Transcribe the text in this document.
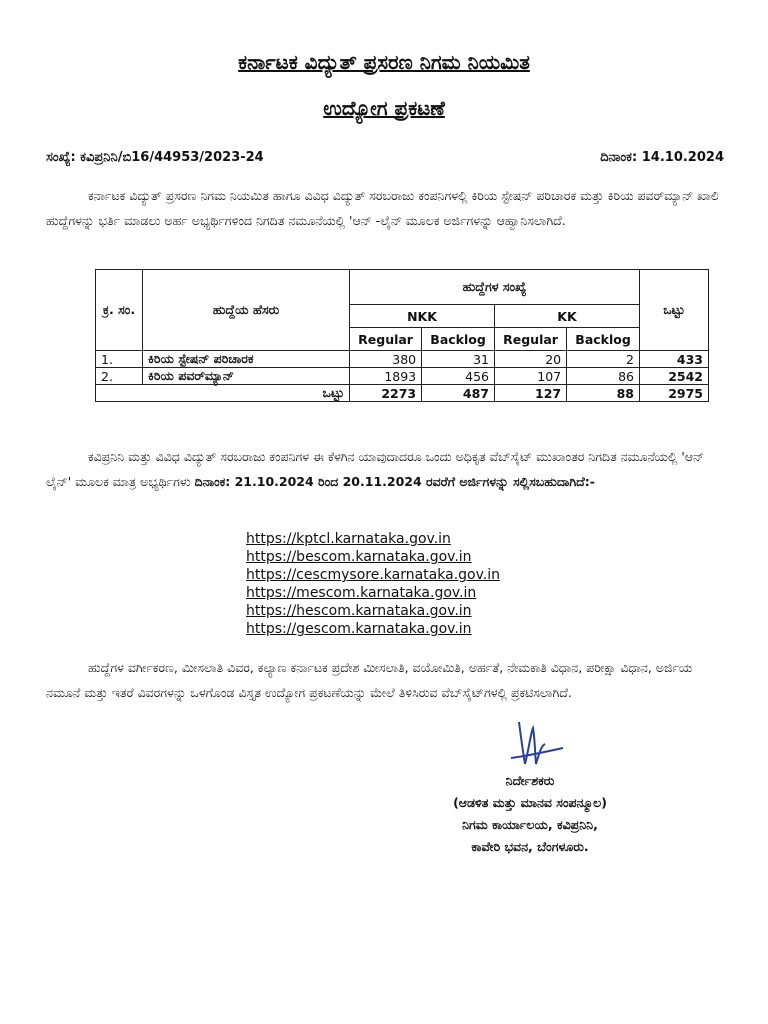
ಕರ್ನಾಟಕ ವಿದ್ಯುತ್ ಪ್ರಸರಣ ನಿಗಮ ನಿಯಮಿತ
ಉದ್ಯೋಗ ಪ್ರಕಟಣೆ
ಸಂಖ್ಯೆ: ಕವಿಪ್ರನಿನಿ/ಬಿ16/44953/2023-24	ದಿನಾಂಕ: 14.10.2024
ಕರ್ನಾಟಕ ವಿದ್ಯುತ್ ಪ್ರಸರಣ ನಿಗಮ ನಿಯಮಿತ ಹಾಗೂ ವಿವಿಧ ವಿದ್ಯುತ್ ಸರಬರಾಜು ಕಂಪನಿಗಳಲ್ಲಿ ಕಿರಿಯ ಸ್ಟೇಷನ್ ಪರಿಚಾರಕ ಮತ್ತು ಕಿರಿಯ ಪವರ್‌ಮ್ಯಾನ್ ಖಾಲಿ ಹುದ್ದೆಗಳನ್ನು ಭರ್ತಿ ಮಾಡಲು ಅರ್ಹ ಅಭ್ಯರ್ಥಿಗಳಿಂದ ನಿಗದಿತ ನಮೂನೆಯಲ್ಲಿ 'ಆನ್ -ಲೈನ್ ಮೂಲಕ ಅರ್ಜಿಗಳನ್ನು ಆಹ್ವಾನಿಸಲಾಗಿದೆ.
ಕ್ರ. ಸಂ.	ಹುದ್ದೆಯ ಹೆಸರು	ಹುದ್ದೆಗಳ ಸಂಖ್ಯೆ				ಒಟ್ಟು
		NKK		KK		
		Regular	Backlog	Regular	Backlog	
1.	ಕಿರಿಯ ಸ್ಟೇಷನ್ ಪರಿಚಾರಕ	380	31	20	2	433
2.	ಕಿರಿಯ ಪವರ್‌ಮ್ಯಾನ್	1893	456	107	86	2542
	ಒಟ್ಟು	2273	487	127	88	2975
ಕವಿಪ್ರನಿನಿ ಮತ್ತು ವಿವಿಧ ವಿದ್ಯುತ್ ಸರಬರಾಜು ಕಂಪನಿಗಳ ಈ ಕೆಳಗಿನ ಯಾವುದಾದರೂ ಒಂದು ಅಧಿಕೃತ ವೆಬ್‌ಸೈಟ್ ಮುಖಾಂತರ ನಿಗದಿತ ನಮೂನೆಯಲ್ಲಿ 'ಆನ್ ಲೈನ್' ಮೂಲಕ ಮಾತ್ರ ಅಭ್ಯರ್ಥಿಗಳು ದಿನಾಂಕ: 21.10.2024 ರಿಂದ 20.11.2024 ರವರೆಗೆ ಅರ್ಜಿಗಳನ್ನು ಸಲ್ಲಿಸಬಹುದಾಗಿದೆ:-
https://kptcl.karnataka.gov.in
https://bescom.karnataka.gov.in
https://cescmysore.karnataka.gov.in
https://mescom.karnataka.gov.in
https://hescom.karnataka.gov.in
https://gescom.karnataka.gov.in
ಹುದ್ದೆಗಳ ವರ್ಗೀಕರಣ, ಮೀಸಲಾತಿ ವಿವರ, ಕಲ್ಯಾಣ ಕರ್ನಾಟಕ ಪ್ರದೇಶ ಮೀಸಲಾತಿ, ವಯೋಮಿತಿ, ಅರ್ಹತೆ, ನೇಮಕಾತಿ ವಿಧಾನ, ಪರೀಕ್ಷಾ ವಿಧಾನ, ಅರ್ಜಿಯ ನಮೂನೆ ಮತ್ತು ಇತರೆ ವಿವರಗಳನ್ನು ಒಳಗೊಂಡ ವಿಸ್ತೃತ ಉದ್ಯೋಗ ಪ್ರಕಟಣೆಯನ್ನು ಮೇಲೆ ತಿಳಿಸಿರುವ ವೆಬ್‌ಸೈಟ್‌ಗಳಲ್ಲಿ ಪ್ರಕಟಿಸಲಾಗಿದೆ.
ನಿರ್ದೇಶಕರು
(ಆಡಳಿತ ಮತ್ತು ಮಾನವ ಸಂಪನ್ಮೂಲ)
ನಿಗಮ ಕಾರ್ಯಾಲಯ, ಕವಿಪ್ರನಿನಿ,
ಕಾವೇರಿ ಭವನ, ಬೆಂಗಳೂರು.
